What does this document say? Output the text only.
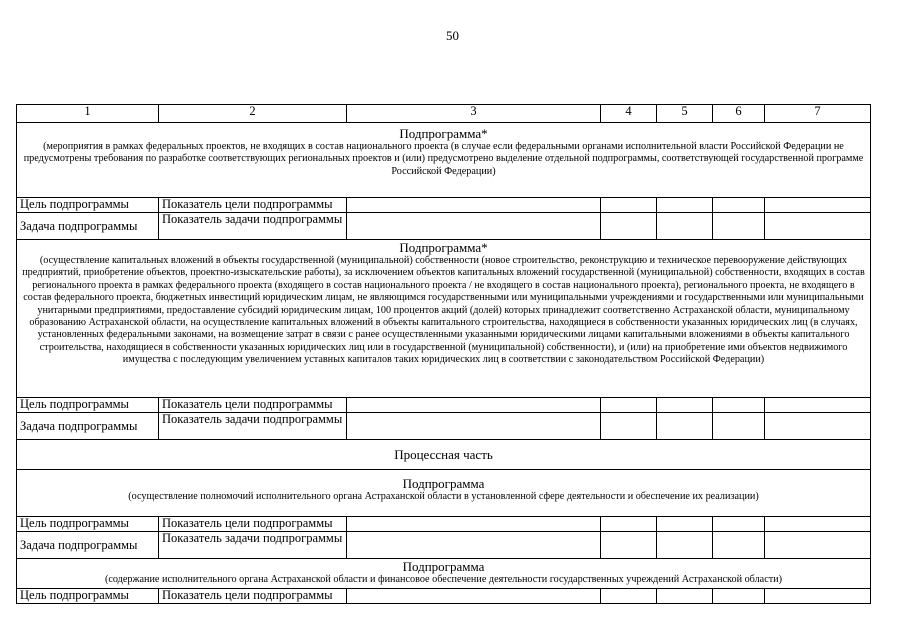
50
1	2	3	4	5	6	7

Подпрограмма*
(мероприятия в рамках федеральных проектов, не входящих в состав национального проекта (в случае если федеральными органами исполнительной власти Российской Федерации не предусмотрены требования по разработке соответствующих региональных проектов и (или) предусмотрено выделение отдельной подпрограммы, соответствующей государственной программе Российской Федерации)						

Цель подпрограммы	Показатель цели подпрограммы					
Задача подпрограммы	Показатель задачи подпрограммы					

Подпрограмма*
(осуществление капитальных вложений в объекты государственной (муниципальной) собственности (новое строительство, реконструкцию и техническое перевооружение действующих предприятий, приобретение объектов, проектно-изыскательские работы), за исключением объектов капитальных вложений государственной (муниципальной) собственности, входящих в состав регионального проекта в рамках федерального проекта (входящего в состав национального проекта / не входящего в состав национального проекта), регионального проекта, не входящего в состав федерального проекта, бюджетных инвестиций юридическим лицам, не являющимся государственными или муниципальными учреждениями и государственными или муниципальными унитарными предприятиями, предоставление субсидий юридическим лицам, 100 процентов акций (долей) которых принадлежит соответственно Астраханской области, муниципальному образованию Астраханской области, на осуществление капитальных вложений в объекты капитального строительства, находящиеся в собственности указанных юридических лиц (в случаях, установленных федеральными законами, на возмещение затрат в связи с ранее осуществленными указанными юридическими лицами капитальными вложениями в объекты капитального строительства, находящиеся в собственности указанных юридических лиц или в государственной (муниципальной) собственности), и (или) на приобретение ими объектов недвижимого имущества с последующим увеличением уставных капиталов таких юридических лиц в соответствии с законодательством Российской Федерации)						

Цель подпрограммы	Показатель цели подпрограммы					
Задача подпрограммы	Показатель задачи подпрограммы					

Процессная часть						

Подпрограмма
(осуществление полномочий исполнительного органа Астраханской области в установленной сфере деятельности и обеспечение их реализации)						

Цель подпрограммы	Показатель цели подпрограммы					
Задача подпрограммы	Показатель задачи подпрограммы					

Подпрограмма
(содержание исполнительного органа Астраханской области и финансовое обеспечение деятельности государственных учреждений Астраханской области)						

Цель подпрограммы	Показатель цели подпрограммы					
